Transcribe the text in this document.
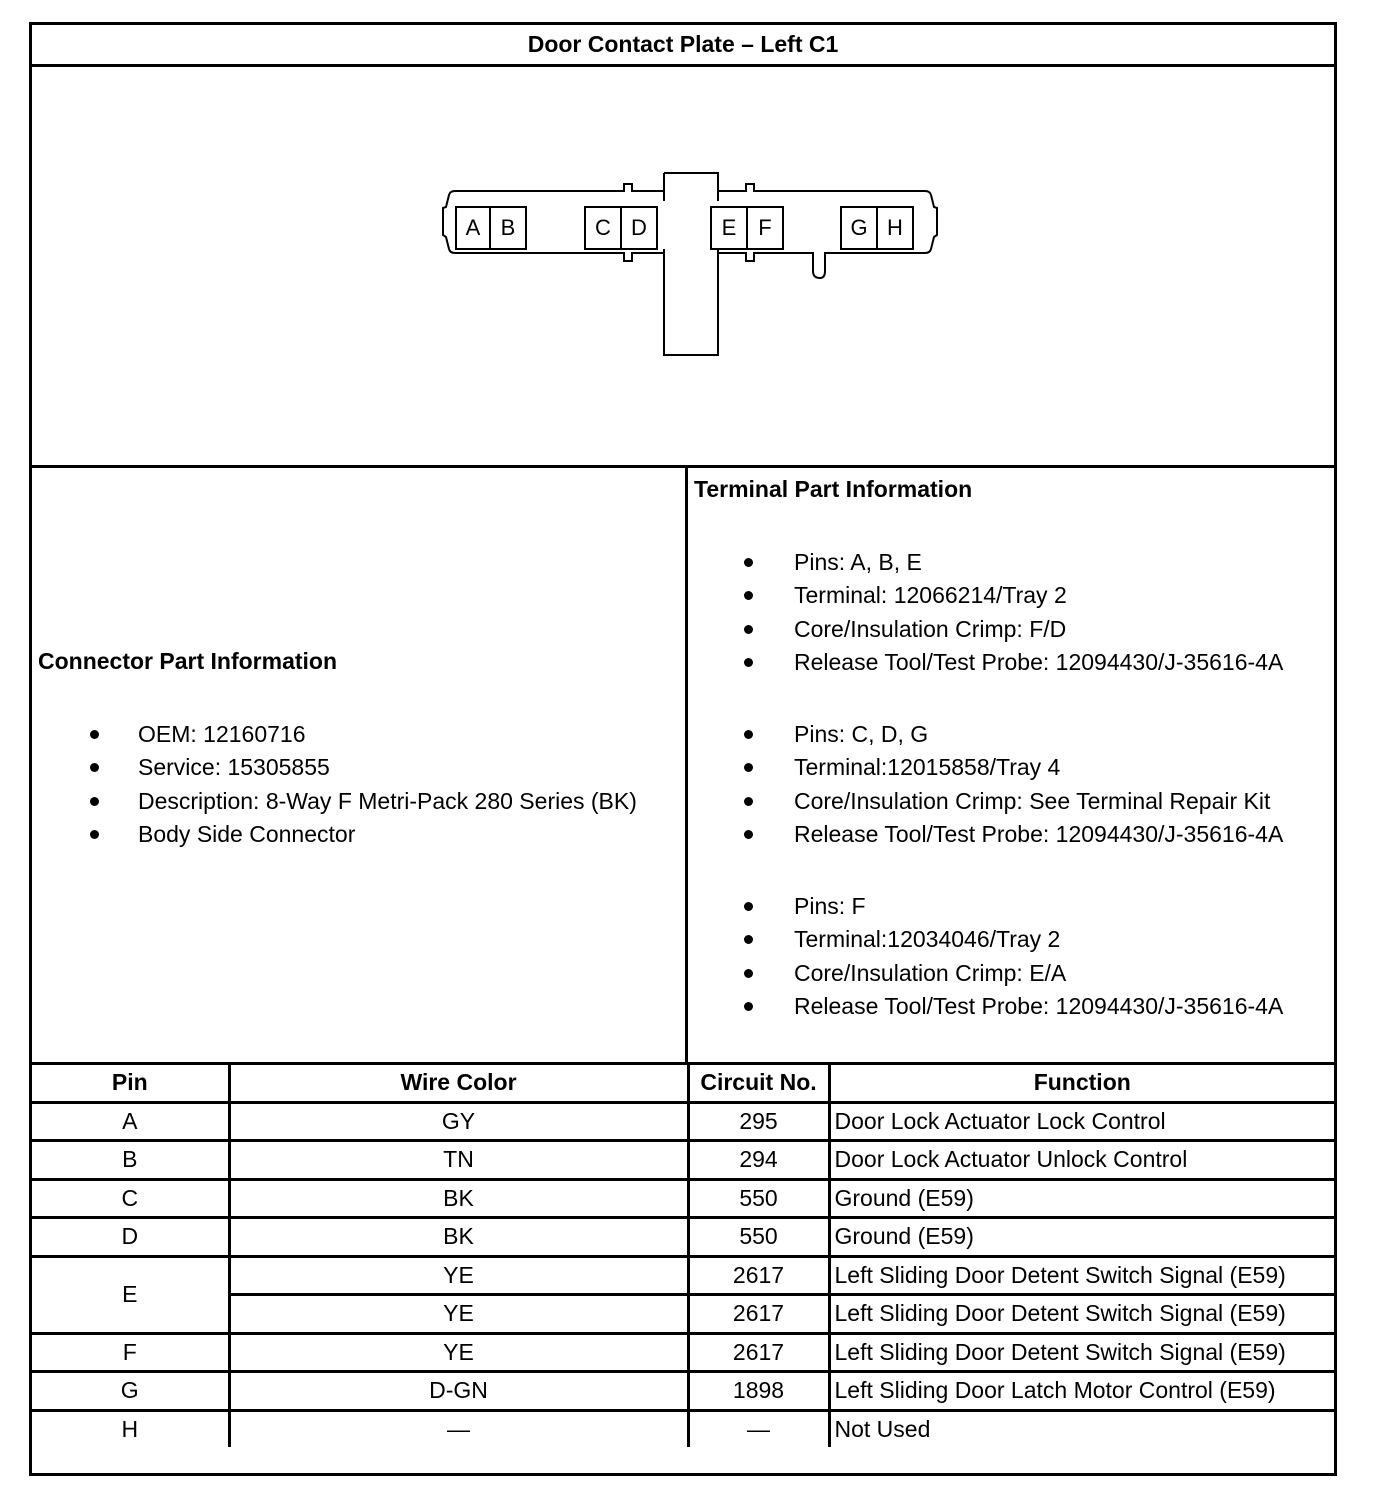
Door Contact Plate – Left C1
A B	C D	E F	G H
Connector Part Information
OEM: 12160716
Service: 15305855
Description: 8-Way F Metri-Pack 280 Series (BK)
Body Side Connector
Terminal Part Information
Pins: A, B, E
Terminal: 12066214/Tray 2
Core/Insulation Crimp: F/D
Release Tool/Test Probe: 12094430/J-35616-4A
Pins: C, D, G
Terminal:12015858/Tray 4
Core/Insulation Crimp: See Terminal Repair Kit
Release Tool/Test Probe: 12094430/J-35616-4A
Pins: F
Terminal:12034046/Tray 2
Core/Insulation Crimp: E/A
Release Tool/Test Probe: 12094430/J-35616-4A
Pin	Wire Color	Circuit No.	Function
A	GY	295	Door Lock Actuator Lock Control
B	TN	294	Door Lock Actuator Unlock Control
C	BK	550	Ground (E59)
D	BK	550	Ground (E59)
E	YE	2617	Left Sliding Door Detent Switch Signal (E59)
	YE	2617	Left Sliding Door Detent Switch Signal (E59)
F	YE	2617	Left Sliding Door Detent Switch Signal (E59)
G	D-GN	1898	Left Sliding Door Latch Motor Control (E59)
H	—	—	Not Used
